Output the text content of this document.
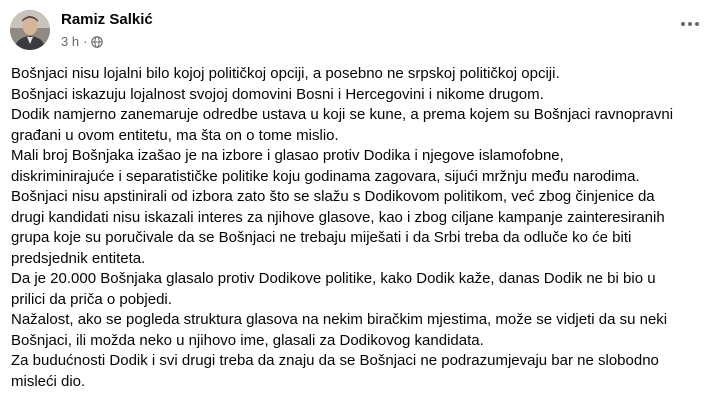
Ramiz Salkić
3 h ·

Bošnjaci nisu lojalni bilo kojoj političkoj opciji, a posebno ne srpskoj političkoj opciji.

Bošnjaci iskazuju lojalnost svojoj domovini Bosni i Hercegovini i nikome drugom.

Dodik namjerno zanemaruje odredbe ustava u koji se kune, a prema kojem su Bošnjaci ravnopravni

građani u ovom entitetu, ma šta on o tome mislio.

Mali broj Bošnjaka izašao je na izbore i glasao protiv Dodika i njegove islamofobne,

diskriminirajuće i separatističke politike koju godinama zagovara, sijući mržnju među narodima.

Bošnjaci nisu apstinirali od izbora zato što se slažu s Dodikovom politikom, već zbog činjenice da

drugi kandidati nisu iskazali interes za njihove glasove, kao i zbog ciljane kampanje zainteresiranih

grupa koje su poručivale da se Bošnjaci ne trebaju miješati i da Srbi treba da odluče ko će biti

predsjednik entiteta.

Da je 20.000 Bošnjaka glasalo protiv Dodikove politike, kako Dodik kaže, danas Dodik ne bi bio u

prilici da priča o pobjedi.

Nažalost, ako se pogleda struktura glasova na nekim biračkim mjestima, može se vidjeti da su neki

Bošnjaci, ili možda neko u njihovo ime, glasali za Dodikovog kandidata.

Za budućnosti Dodik i svi drugi treba da znaju da se Bošnjaci ne podrazumjevaju bar ne slobodno

misleći dio.
